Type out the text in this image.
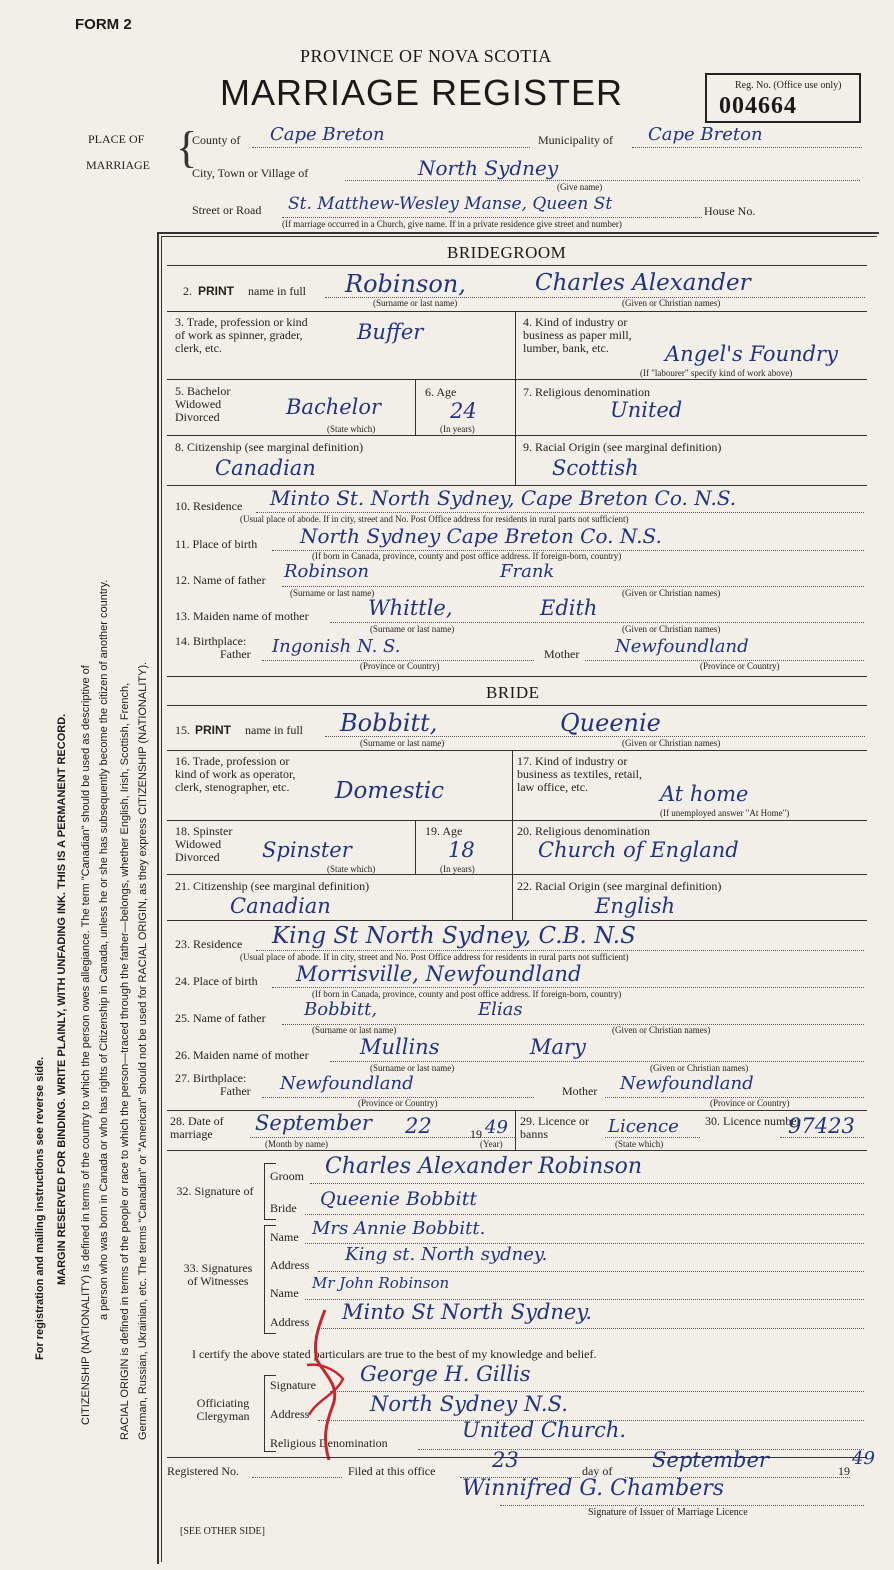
FORM 2
PROVINCE OF NOVA SCOTIA
MARRIAGE REGISTER	Reg. No. (Office use only)
004664
PLACE OF
MARRIAGE {
County of Cape Breton	Municipality of Cape Breton
City, Town or Village of	North Sydney
(Give name)
Street or Road St. Matthew-Wesley Manse, Queen St	House No.
(If marriage occurred in a Church, give name. If in a private residence give street and number)
For registration and mailing instructions see reverse side. MARGIN RESERVED FOR BINDING. WRITE PLAINLY, WITH UNFADING INK. THIS IS A PERMANENT RECORD. CITIZENSHIP (NATIONALITY) is defined in terms of the country to which the person owes allegiance. The term "Canadian" should be used as descriptive of a person who was born in Canada or who has rights of Citizenship in Canada, unless he or she has subsequently become the citizen of another country. RACIAL ORIGIN is defined in terms of the people or race to which the person—traced through the father—belongs, whether English, Irish, Scottish, French, German, Russian, Ukrainian, etc. The terms "Canadian" or "American" should not be used for RACIAL ORIGIN, as they express CITIZENSHIP (NATIONALITY).
BRIDEGROOM
2. PRINT name in full Robinson,	Charles Alexander
(Surname or last name)	(Given or Christian names)
3. Trade, profession or kind of work as spinner, grader, clerk, etc.
Buffer	4. Kind of industry or business as paper mill, lumber, bank, etc.	Angel's Foundry
(If "labourer" specify kind of work above)
5. Bachelor Widowed Divorced	Bachelor
(State which)
6. Age
24
(In years)
7. Religious denomination
United
8. Citizenship (see marginal definition)
Canadian
9. Racial Origin (see marginal definition)
Scottish
10. Residence Minto St. North Sydney, Cape Breton Co. N.S.
(Usual place of abode. If in city, street and No. Post Office address for residents in rural parts not sufficient)
11. Place of birth North Sydney Cape Breton Co. N.S.
(If born in Canada, province, county and post office address. If foreign-born, country)
12. Name of father Robinson	Frank
(Surname or last name)	(Given or Christian names)
13. Maiden name of mother	Whittle,	Edith
(Surname or last name)	(Given or Christian names)
14. Birthplace:
Father Ingonish N. S.
(Province or Country)
Mother Newfoundland
(Province or Country)
BRIDE
15. PRINT name in full Bobbitt,	Queenie
(Surname or last name)	(Given or Christian names)
16. Trade, profession or kind of work as operator, clerk, stenographer, etc.	Domestic
17. Kind of industry or business as textiles, retail, law office, etc.	At home
(If unemployed answer "At Home")
18. Spinster Widowed Divorced	Spinster
(State which)
19. Age
18
(In years)
20. Religious denomination
Church of England
21. Citizenship (see marginal definition)
Canadian
22. Racial Origin (see marginal definition)
English
23. Residence King St North Sydney, C.B. N.S
(Usual place of abode. If in city, street and No. Post Office address for residents in rural parts not sufficient)
24. Place of birth Morrisville, Newfoundland
(If born in Canada, province, county and post office address. If foreign-born, country)
25. Name of father Bobbitt,	Elias
(Surname or last name)	(Given or Christian names)
26. Maiden name of mother Mullins	Mary
(Surname or last name)	(Given or Christian names)
27. Birthplace:
Father Newfoundland
(Province or Country)
Mother Newfoundland
(Province or Country)
28. Date of marriage	September 22	19 49
(Month by name)	(Year)
29. Licence or banns	Licence
(State which)
30. Licence number
97423
32. Signature of
Groom Charles Alexander Robinson
Bride Queenie Bobbitt
33. Signatures of Witnesses
Name Mrs Annie Bobbitt.
Address King st. North sydney.
Name
Mr John Robinson
Address Minto St North Sydney.
I certify the above stated particulars are true to the best of my knowledge and belief.
Officiating Clergyman
Signature George H. Gillis
Address	North Sydney N.S.
Religious Denomination
United Church.
Registered No.	Filed at this office	23	day of September	19
49
Winnifred G. Chambers
Signature of Issuer of Marriage Licence
[SEE OTHER SIDE]
